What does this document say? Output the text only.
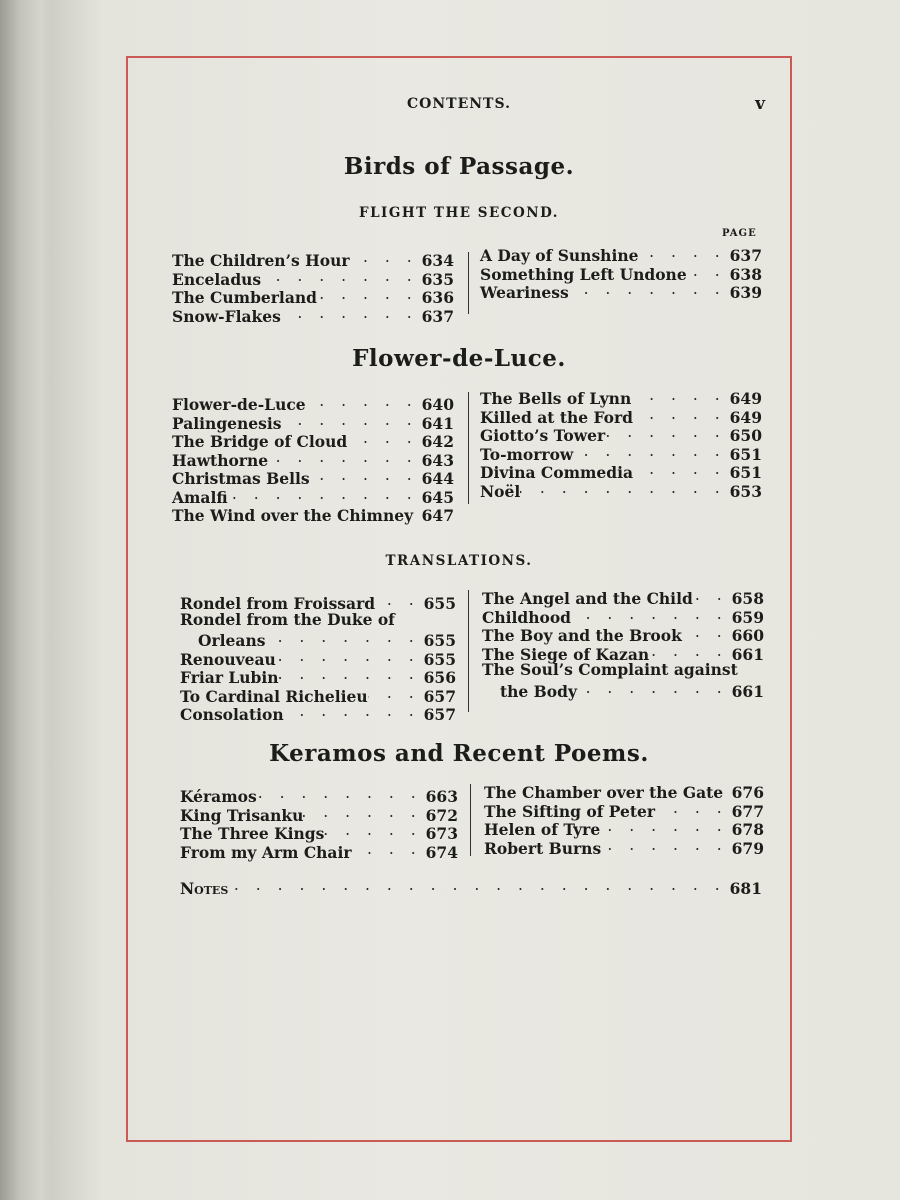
CONTENTS.	v
Birds of Passage.
FLIGHT THE SECOND.
PAGE
The Children’s Hour . . .	634
Enceladus . . .	635
The Cumberland . . .	636
Snow-Flakes . . .	637
A Day of Sunshine . . .	637
Something Left Undone . . .	638
Weariness . . .	639
Flower-de-Luce.
Flower-de-Luce . . .	640
Palingenesis . . .	641
The Bridge of Cloud . . .	642
Hawthorne . . .	643
Christmas Bells . . .	644
Amalfi . . .	645
The Wind over the Chimney . . . 647
The Bells of Lynn . . .	649
Killed at the Ford . . .	649
Giotto’s Tower . . .	650
To-morrow . . .	651
Divina Commedia . . .	651
Noël . . .	653
TRANSLATIONS.
Rondel from Froissard . . .	655
Rondel from the Duke of
Orleans . . .	655
Renouveau . . .	655
Friar Lubin . . .	656
To Cardinal Richelieu . . .	657
Consolation . . .	657
The Angel and the Child . . .	658
Childhood . . .	659
The Boy and the Brook . . .	660
The Siege of Kazan . . .	661
The Soul’s Complaint against
the Body . . .	661
Keramos and Recent Poems.
Kéramos . . .	663
King Trisanku . . .	672
The Three Kings . . .	673
From my Arm Chair . . .	674
The Chamber over the Gate . . . 676
The Sifting of Peter . . .	677
Helen of Tyre . . .	678
Robert Burns . . .	679
Notes . . .	681
